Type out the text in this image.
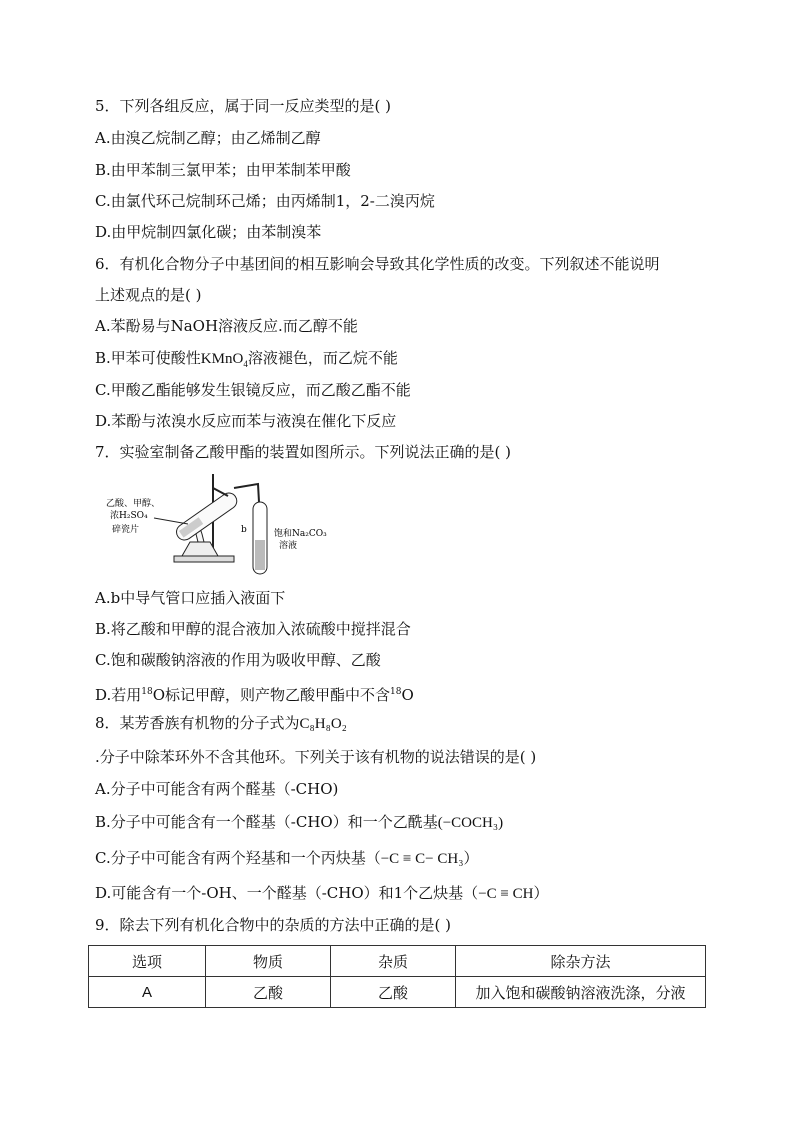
5．下列各组反应，属于同一反应类型的是( )
A.由溴乙烷制乙醇；由乙烯制乙醇
B.由甲苯制三氯甲苯；由甲苯制苯甲酸
C.由氯代环己烷制环己烯；由丙烯制1，2-二溴丙烷
D.由甲烷制四氯化碳；由苯制溴苯
6．有机化合物分子中基团间的相互影响会导致其化学性质的改变。下列叙述不能说明
上述观点的是( )
A.苯酚易与NaOH溶液反应.而乙醇不能
B.甲苯可使酸性KMnO$_4$溶液褪色，而乙烷不能
C.甲酸乙酯能够发生银镜反应，而乙酸乙酯不能
D.苯酚与浓溴水反应而苯与液溴在催化下反应
7．实验室制备乙酸甲酯的装置如图所示。下列说法正确的是( )
乙酸、甲醇、
浓H₂SO₄
碎瓷片	b	饱和Na₂CO₃
溶液
A.b中导气管口应插入液面下
B.将乙酸和甲醇的混合液加入浓硫酸中搅拌混合
C.饱和碳酸钠溶液的作用为吸收甲醇、乙酸
D.若用$^{18}$O标记甲醇，则产物乙酸甲酯中不含$^{18}$O
8．某芳香族有机物的分子式为C₈H₈O₂
.分子中除苯环外不含其他环。下列关于该有机物的说法错误的是( )
A.分子中可能含有两个醛基（-CHO)
B.分子中可能含有一个醛基（-CHO）和一个乙酰基(−COCH₃)
C.分子中可能含有两个羟基和一个丙炔基（−C ≡ C− CH₃）
D.可能含有一个-OH、一个醛基（-CHO）和1个乙炔基（−C ≡ CH）
9．除去下列有机化合物中的杂质的方法中正确的是( )
选项	物质	杂质	除杂方法
A	乙酸	乙酸	加入饱和碳酸钠溶液洗涤，分液
